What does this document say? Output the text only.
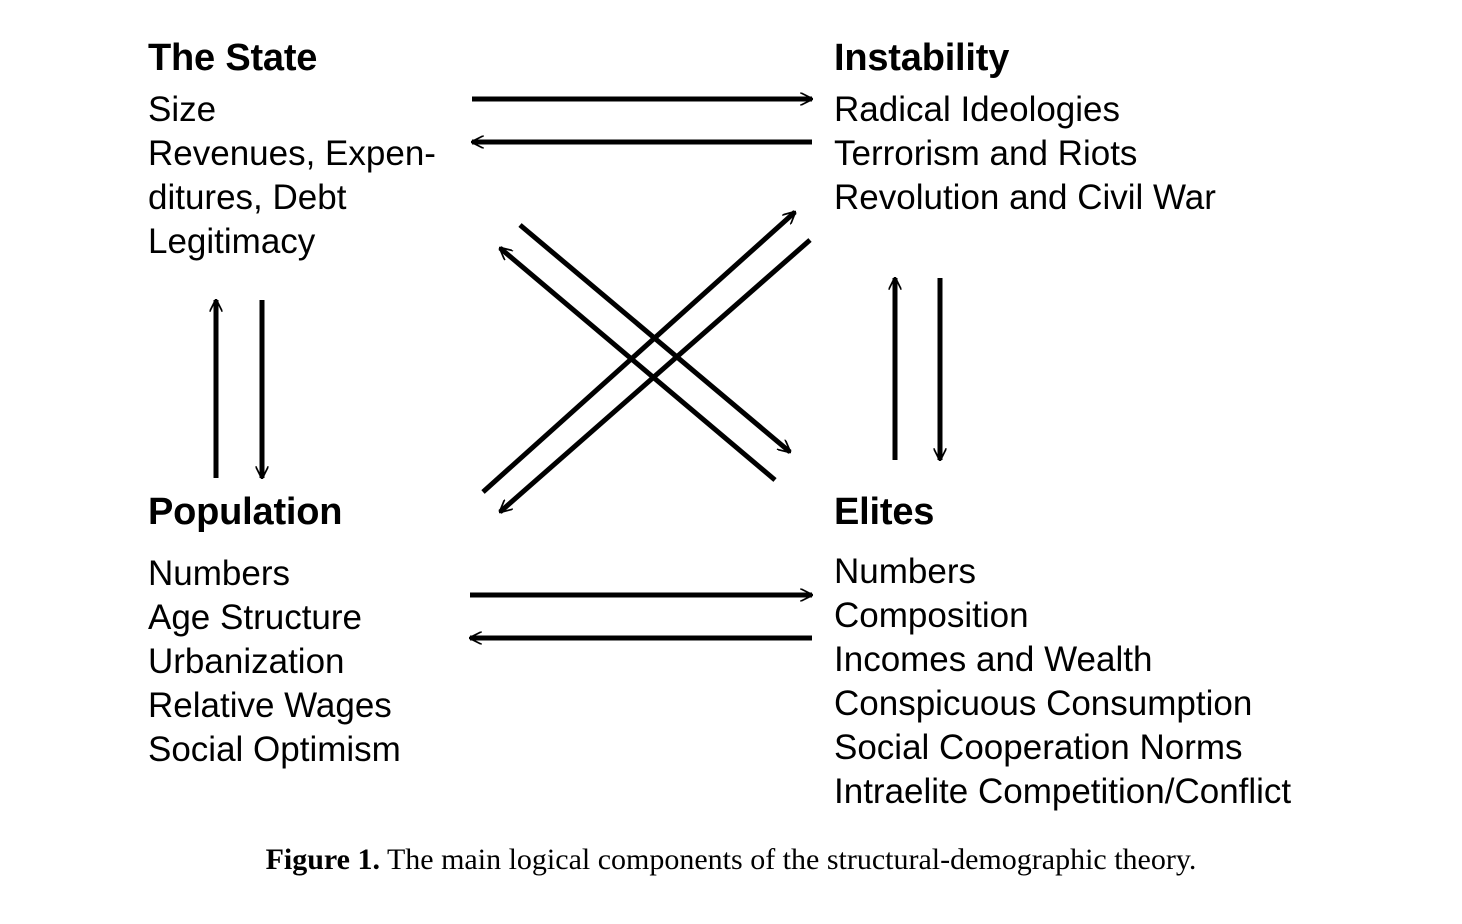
The State
Size
Revenues, Expen-
ditures, Debt
Legitimacy
Instability
Radical Ideologies
Terrorism and Riots
Revolution and Civil War
Population
Numbers
Age Structure
Urbanization
Relative Wages
Social Optimism
Elites
Numbers
Composition
Incomes and Wealth
Conspicuous Consumption
Social Cooperation Norms
Intraelite Competition/Conflict
Figure 1. The main logical components of the structural-demographic theory.
